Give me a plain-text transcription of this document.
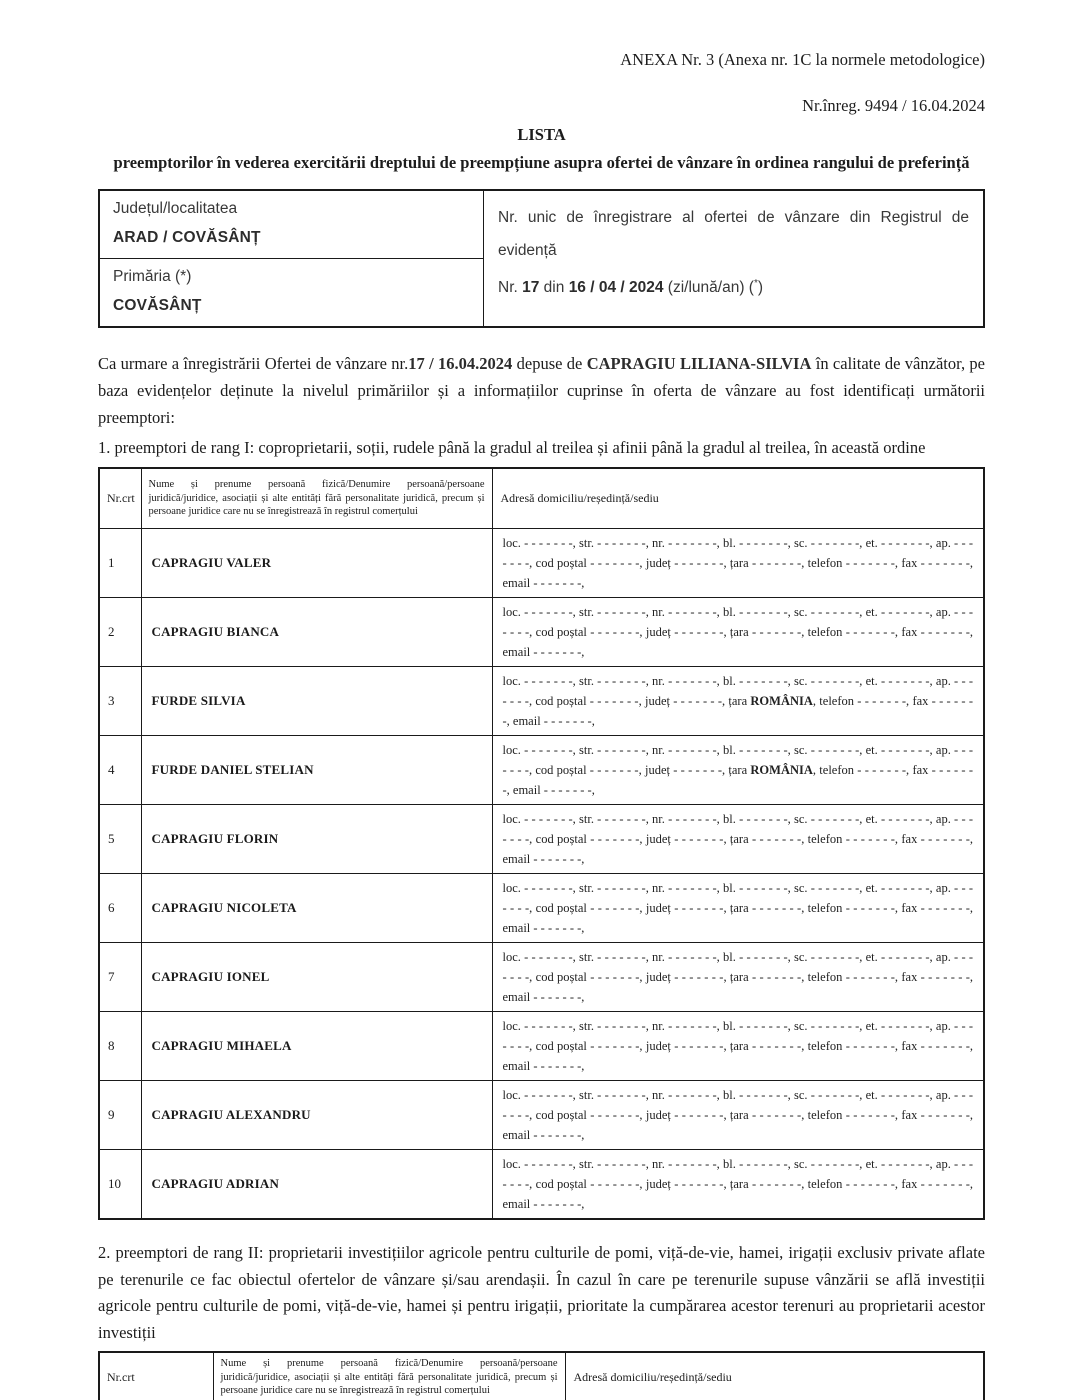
ANEXA Nr. 3 (Anexa nr. 1C la normele metodologice)
Nr.înreg. 9494 / 16.04.2024
LISTA
preemptorilor în vederea exercitării dreptului de preempțiune asupra ofertei de vânzare în ordinea rangului de preferință
Județul/localitatea
ARAD / COVĂSÂNȚ

Nr. unic de înregistrare al ofertei de vânzare din Registrul de evidență
Nr. 17 din 16 / 04 / 2024 (zi/lună/an) (*)

Primăria (*)
COVĂSÂNȚ

Ca urmare a înregistrării Ofertei de vânzare nr.17 / 16.04.2024 depuse de CAPRAGIU LILIANA-SILVIA în calitate de vânzător, pe baza evidențelor deținute la nivelul primăriilor și a informațiilor cuprinse în oferta de vânzare au fost identificați următorii preemptori:

1. preemptori de rang I: coproprietarii, soții, rudele până la gradul al treilea și afinii până la gradul al treilea, în această ordine

Nr.crt	Nume și prenume persoană fizică/Denumire persoană/persoane juridică/juridice, asociații și alte entități fără personalitate juridică, precum și persoane juridice care nu se înregistrează în registrul comerțului	Adresă domiciliu/reședință/sediu
1	CAPRAGIU VALER	loc. - - - - - - -, str. - - - - - - -, nr. - - - - - - -, bl. - - - - - - -, sc. - - - - - - -, et. - - - - - - -, ap. - - - - - - -, cod poștal - - - - - - -, județ - - - - - - -, țara - - - - - - -, telefon - - - - - - -, fax - - - - - - -, email - - - - - - -,
2	CAPRAGIU BIANCA	loc. - - - - - - -, str. - - - - - - -, nr. - - - - - - -, bl. - - - - - - -, sc. - - - - - - -, et. - - - - - - -, ap. - - - - - - -, cod poștal - - - - - - -, județ - - - - - - -, țara - - - - - - -, telefon - - - - - - -, fax - - - - - - -, email - - - - - - -,
3	FURDE SILVIA	loc. - - - - - - -, str. - - - - - - -, nr. - - - - - - -, bl. - - - - - - -, sc. - - - - - - -, et. - - - - - - -, ap. - - - - - - -, cod poștal - - - - - - -, județ - - - - - - -, țara ROMÂNIA, telefon - - - - - - -, fax - - - - - - -, email - - - - - - -,
4	FURDE DANIEL STELIAN	loc. - - - - - - -, str. - - - - - - -, nr. - - - - - - -, bl. - - - - - - -, sc. - - - - - - -, et. - - - - - - -, ap. - - - - - - -, cod poștal - - - - - - -, județ - - - - - - -, țara ROMÂNIA, telefon - - - - - - -, fax - - - - - - -, email - - - - - - -,
5	CAPRAGIU FLORIN	loc. - - - - - - -, str. - - - - - - -, nr. - - - - - - -, bl. - - - - - - -, sc. - - - - - - -, et. - - - - - - -, ap. - - - - - - -, cod poștal - - - - - - -, județ - - - - - - -, țara - - - - - - -, telefon - - - - - - -, fax - - - - - - -, email - - - - - - -,
6	CAPRAGIU NICOLETA	loc. - - - - - - -, str. - - - - - - -, nr. - - - - - - -, bl. - - - - - - -, sc. - - - - - - -, et. - - - - - - -, ap. - - - - - - -, cod poștal - - - - - - -, județ - - - - - - -, țara - - - - - - -, telefon - - - - - - -, fax - - - - - - -, email - - - - - - -,
7	CAPRAGIU IONEL	loc. - - - - - - -, str. - - - - - - -, nr. - - - - - - -, bl. - - - - - - -, sc. - - - - - - -, et. - - - - - - -, ap. - - - - - - -, cod poștal - - - - - - -, județ - - - - - - -, țara - - - - - - -, telefon - - - - - - -, fax - - - - - - -, email - - - - - - -,
8	CAPRAGIU MIHAELA	loc. - - - - - - -, str. - - - - - - -, nr. - - - - - - -, bl. - - - - - - -, sc. - - - - - - -, et. - - - - - - -, ap. - - - - - - -, cod poștal - - - - - - -, județ - - - - - - -, țara - - - - - - -, telefon - - - - - - -, fax - - - - - - -, email - - - - - - -,
9	CAPRAGIU ALEXANDRU	loc. - - - - - - -, str. - - - - - - -, nr. - - - - - - -, bl. - - - - - - -, sc. - - - - - - -, et. - - - - - - -, ap. - - - - - - -, cod poștal - - - - - - -, județ - - - - - - -, țara - - - - - - -, telefon - - - - - - -, fax - - - - - - -, email - - - - - - -,
10	CAPRAGIU ADRIAN	loc. - - - - - - -, str. - - - - - - -, nr. - - - - - - -, bl. - - - - - - -, sc. - - - - - - -, et. - - - - - - -, ap. - - - - - - -, cod poștal - - - - - - -, județ - - - - - - -, țara - - - - - - -, telefon - - - - - - -, fax - - - - - - -, email - - - - - - -,

2. preemptori de rang II: proprietarii investițiilor agricole pentru culturile de pomi, viță-de-vie, hamei, irigații exclusiv private aflate pe terenurile ce fac obiectul ofertelor de vânzare și/sau arendașii. În cazul în care pe terenurile supuse vânzării se află investiții agricole pentru culturile de pomi, viță-de-vie, hamei și pentru irigații, prioritate la cumpărarea acestor terenuri au proprietarii acestor investiții

Nr.crt	Nume și prenume persoană fizică/Denumire persoană/persoane juridică/juridice, asociații și alte entități fără personalitate juridică, precum și persoane juridice care nu se înregistrează în registrul comerțului	Adresă domiciliu/reședință/sediu
